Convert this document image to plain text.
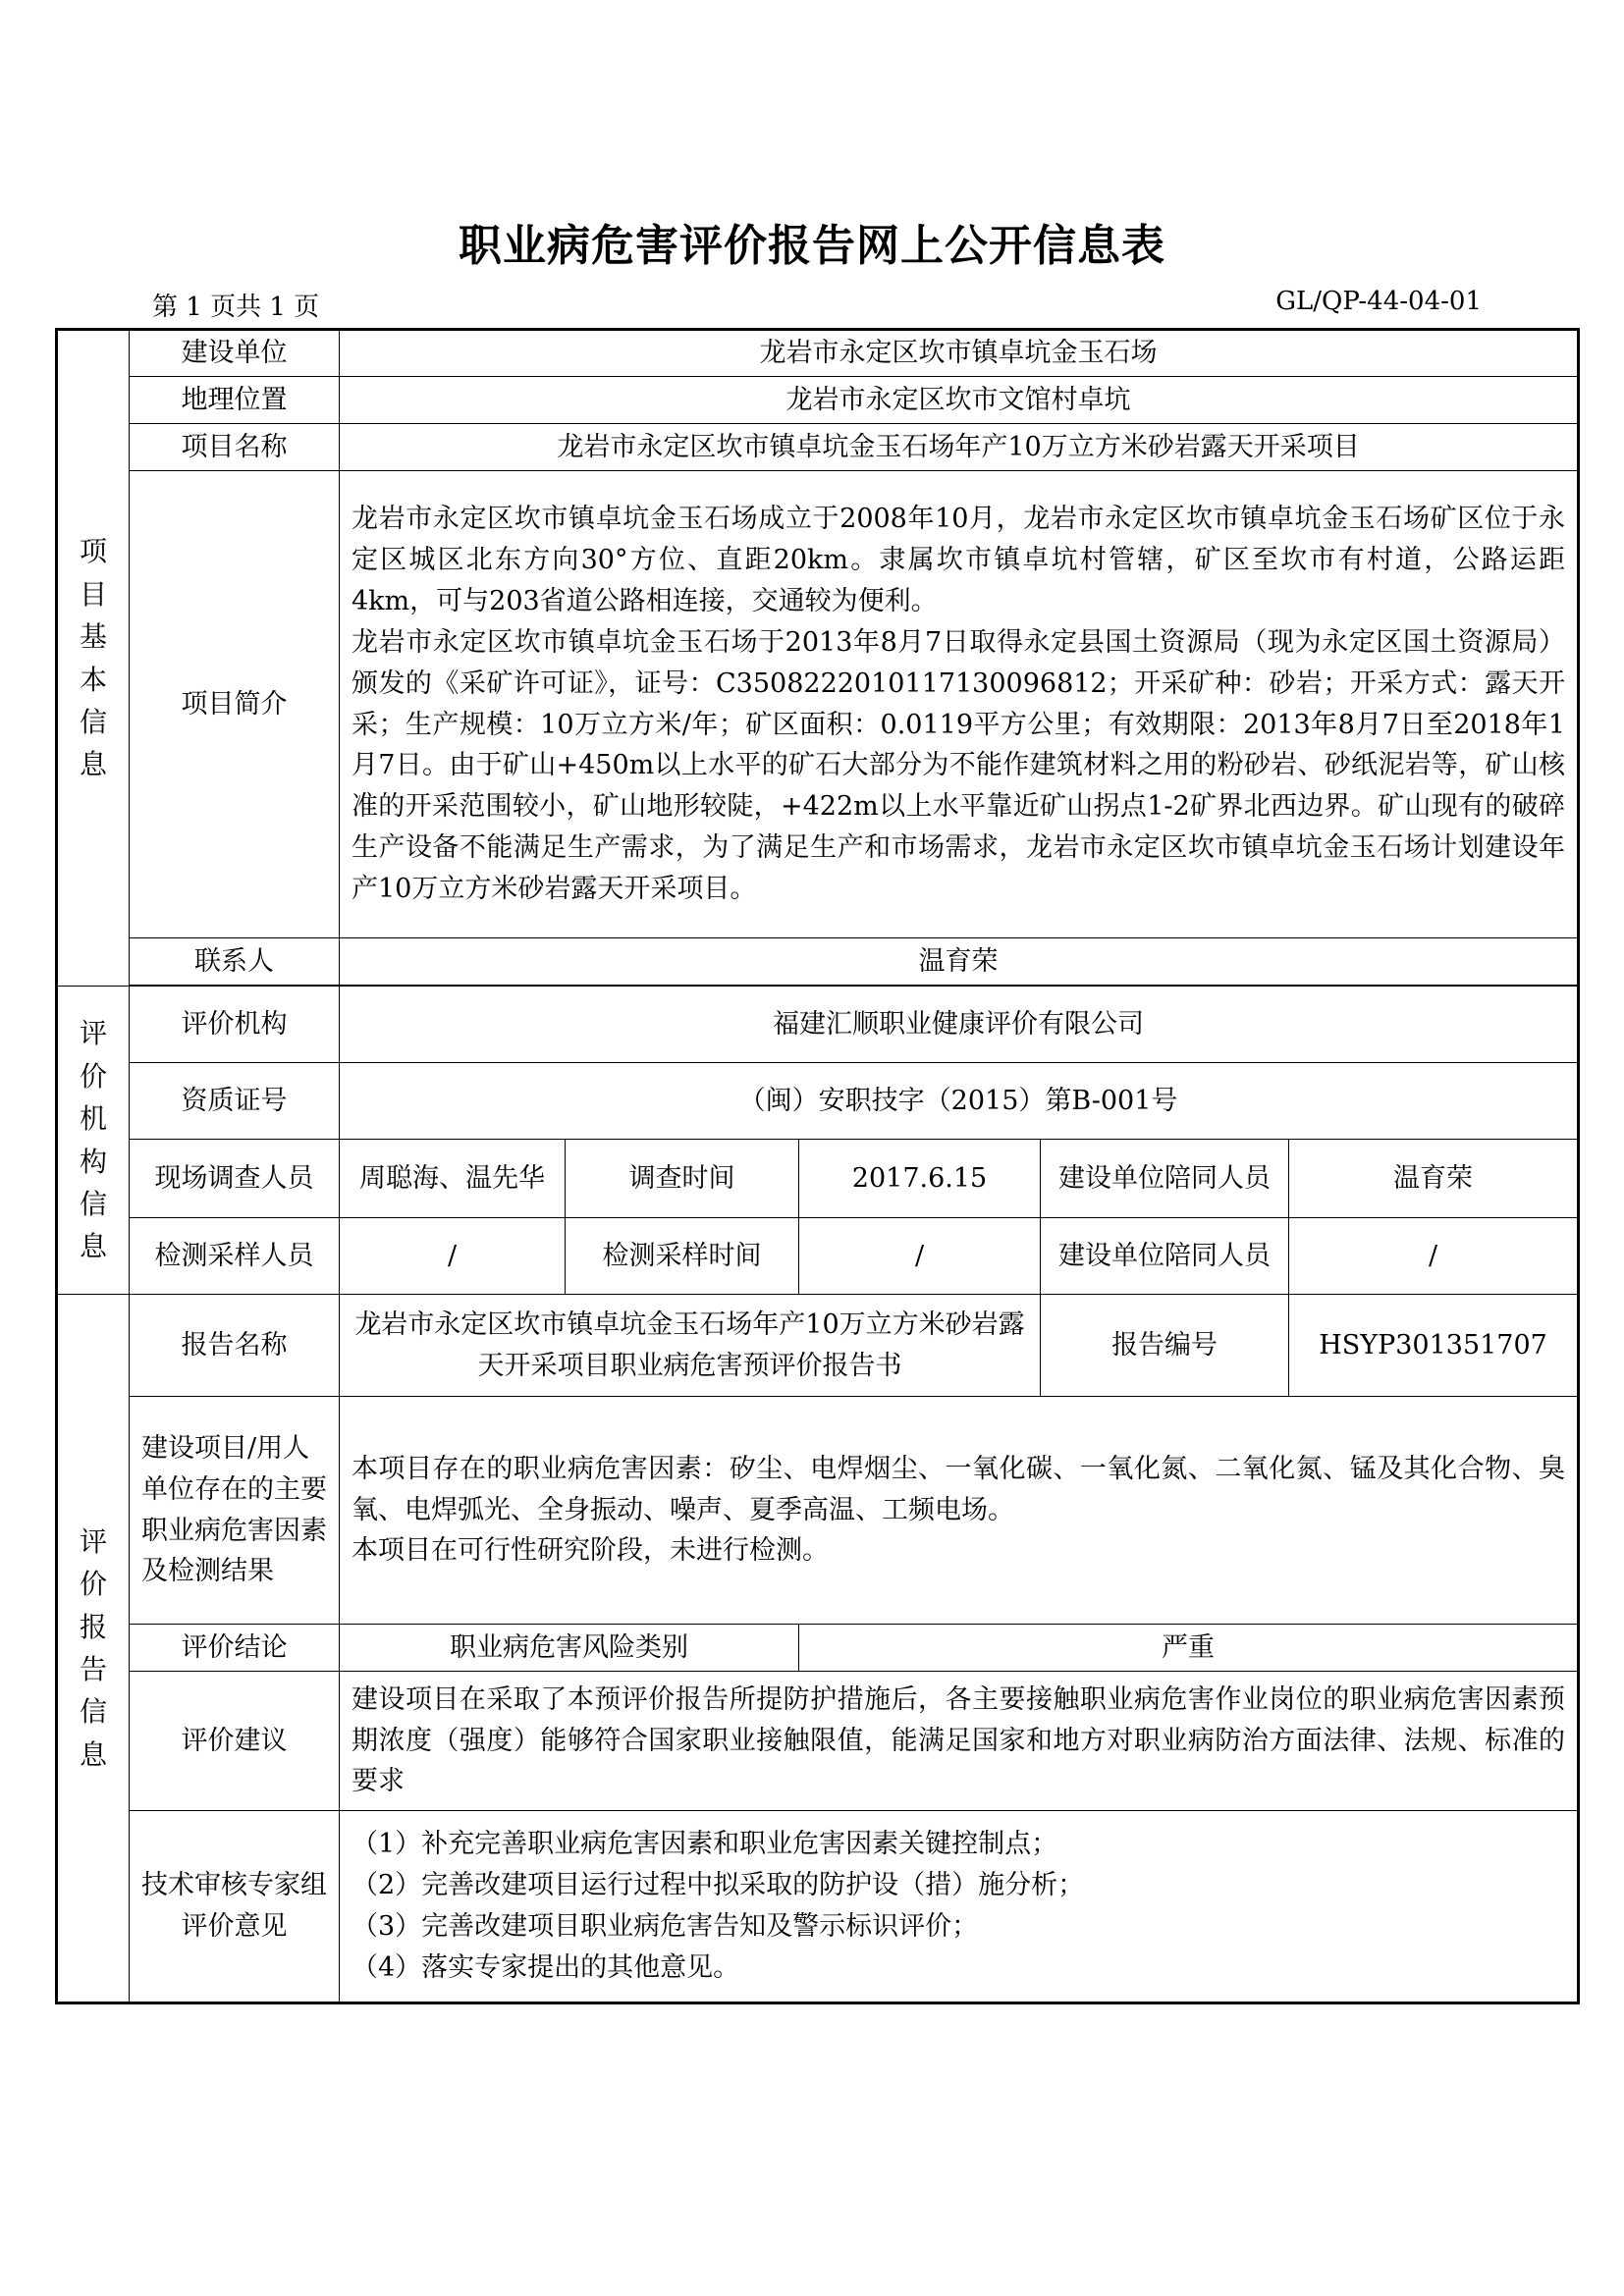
职业病危害评价报告网上公开信息表
第 1 页共 1 页	GL/QP-44-04-01
项目基本信息	建设单位	龙岩市永定区坎市镇卓坑金玉石场				
	地理位置	龙岩市永定区坎市文馆村卓坑				
	项目名称	龙岩市永定区坎市镇卓坑金玉石场年产10万立方米砂岩露天开采项目				
	项目简介	龙岩市永定区坎市镇卓坑金玉石场成立于2008年10月，龙岩市永定区坎市镇卓坑金玉石场矿区位于永定区城区北东方向30°方位、直距20km。隶属坎市镇卓坑村管辖，矿区至坎市有村道，公路运距4km，可与203省道公路相连接，交通较为便利。

龙岩市永定区坎市镇卓坑金玉石场于2013年8月7日取得永定县国土资源局（现为永定区国土资源局）颁发的《采矿许可证》，证号：C3508222010117130096812；开采矿种：砂岩；开采方式：露天开采；生产规模：10万立方米/年；矿区面积：0.0119平方公里；有效期限：2013年8月7日至2018年1月7日。由于矿山+450m以上水平的矿石大部分为不能作建筑材料之用的粉砂岩、砂纸泥岩等，矿山核准的开采范围较小，矿山地形较陡，+422m以上水平靠近矿山拐点1-2矿界北西边界。矿山现有的破碎生产设备不能满足生产需求，为了满足生产和市场需求，龙岩市永定区坎市镇卓坑金玉石场计划建设年产10万立方米砂岩露天开采项目。				

	联系人	温育荣				

评价机构信息	评价机构	福建汇顺职业健康评价有限公司				
	资质证号	（闽）安职技字（2015）第B-001号				
	现场调查人员	周聪海、温先华	调查时间	2017.6.15	建设单位陪同人员	温育荣
	检测采样人员	/	检测采样时间	/	建设单位陪同人员	/

评价报告信息	报告名称	龙岩市永定区坎市镇卓坑金玉石场年产10万立方米砂岩露天开采项目职业病危害预评价报告书			报告编号	HSYP301351707
	建设项目/用人单位存在的主要职业病危害因素及检测结果	本项目存在的职业病危害因素：矽尘、电焊烟尘、一氧化碳、一氧化氮、二氧化氮、锰及其化合物、臭氧、电焊弧光、全身振动、噪声、夏季高温、工频电场。

本项目在可行性研究阶段，未进行检测。				

	评价结论	职业病危害风险类别		严重		
	评价建议	建设项目在采取了本预评价报告所提防护措施后，各主要接触职业病危害作业岗位的职业病危害因素预期浓度（强度）能够符合国家职业接触限值，能满足国家和地方对职业病防治方面法律、法规、标准的要求				
	技术审核专家组评价意见	（1）补充完善职业病危害因素和职业危害因素关键控制点；

（2）完善改建项目运行过程中拟采取的防护设（措）施分析；

（3）完善改建项目职业病危害告知及警示标识评价；

（4）落实专家提出的其他意见。				
